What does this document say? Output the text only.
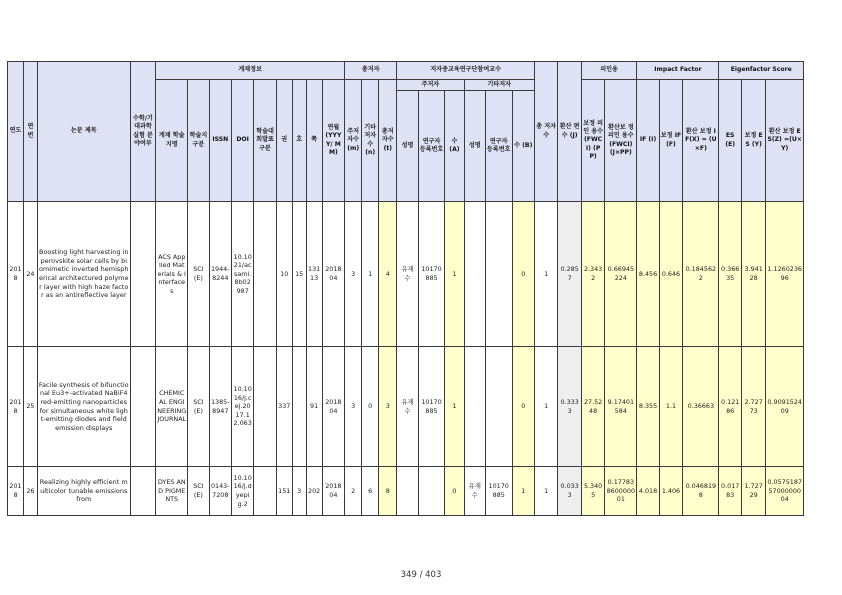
연도	연번	논문 제목	수학/기대과학실험 분야여부	게재정보									총저자			저자중교육연구단참여교수						총 저자 수	환산 편수 (J)	피인용		Impact Factor			Eigenfactor Score		
				게재 학술지명	학술지 구분	ISSN	DOI	학술대 회발표 구분	권	호	쪽	연월 (YYYY/ MM)	주저자수 (m)	기타저자수 (n)	총저자수 (t)	주저자			기타저자					보정 피인 용수 (FWCI) (PP)	환산보 정피인 용수 (FWCI) (J×PP)	IF (I)	보정 IF (F)	환산 보정 IF(X) = (U×F)	ES (E)	보정 ES (Y)	환산 보정 ES(Z) =(U×Y)
																성명	연구자 등록번호	수 (A)	성명	연구자 등록번호	수 (B)										
2018	24	Boosting light harvesting in perovskite solar cells by biomimetic inverted hemispherical architectured polymer layer with high haze factor as an antireflective layer		ACS Applied Materials & Interfaces	SCI(E)	1944-8244	10.1021/acsami.8b02987		10	15	13113	2018 04	3	1	4	유재수	10170885	1			0	1	0.2857	2.3432	0.66945224	8.456	0.646	0.1845622	0.36635	3.94128	1.126023696
2018	25	Facile synthesis of bifunctional Eu3+-activated NaBiF4 red-emitting nanoparticles for simultaneous white light-emitting diodes and field emission displays		CHEMICAL ENGINEERING JOURNAL	SCI(E)	1385-8947	10.1016/j.cej.2017.12.063		337		91	2018 04	3	0	3	유재수	10170885	1			0	1	0.3333	27.5248	9.17401584	8.355	1.1	0.36663	0.12186	2.72773	0.909152409
2018	26	Realizing highly efficient multicolor tunable emissions from		DYES AND PIGMENTS	SCI(E)	0143-7208	10.1016/j.dyepig.2		151	3	202	2018 04	2	6	8			0	유재수	10170885	1	1	0.0333	5.3405	0.17783860000001	4.018	1.406	0.0468198	0.01783	1.72729	0.05751875700000004
349 / 403
